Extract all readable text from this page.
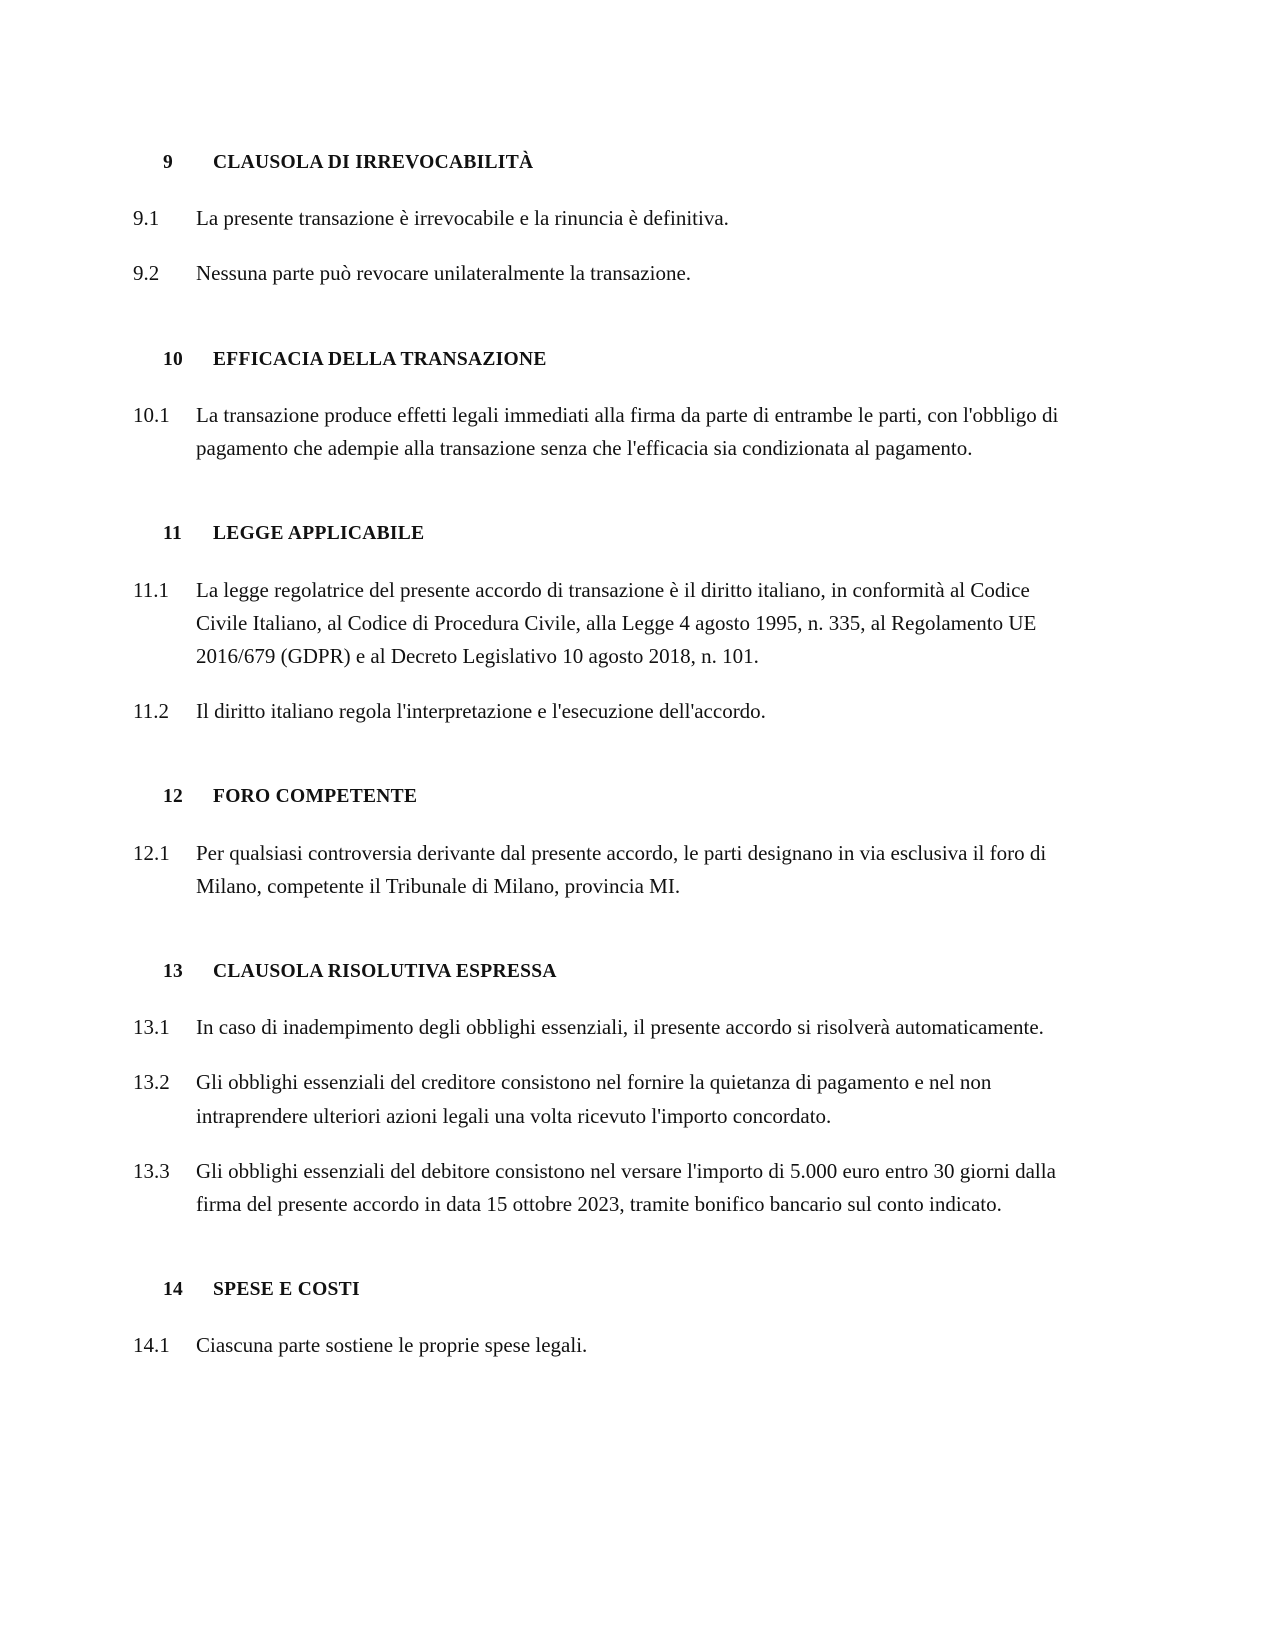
9	CLAUSOLA DI IRREVOCABILITÀ
9.1	La presente transazione è irrevocabile e la rinuncia è definitiva.
9.2	Nessuna parte può revocare unilateralmente la transazione.
10	EFFICACIA DELLA TRANSAZIONE
10.1	La transazione produce effetti legali immediati alla firma da parte di entrambe le parti, con l'obbligo di pagamento che adempie alla transazione senza che l'efficacia sia condizionata al pagamento.
11	LEGGE APPLICABILE
11.1	La legge regolatrice del presente accordo di transazione è il diritto italiano, in conformità al Codice Civile Italiano, al Codice di Procedura Civile, alla Legge 4 agosto 1995, n. 335, al Regolamento UE 2016/679 (GDPR) e al Decreto Legislativo 10 agosto 2018, n. 101.
11.2	Il diritto italiano regola l'interpretazione e l'esecuzione dell'accordo.
12	FORO COMPETENTE
12.1	Per qualsiasi controversia derivante dal presente accordo, le parti designano in via esclusiva il foro di Milano, competente il Tribunale di Milano, provincia MI.
13	CLAUSOLA RISOLUTIVA ESPRESSA
13.1	In caso di inadempimento degli obblighi essenziali, il presente accordo si risolverà automaticamente.
13.2	Gli obblighi essenziali del creditore consistono nel fornire la quietanza di pagamento e nel non intraprendere ulteriori azioni legali una volta ricevuto l'importo concordato.
13.3	Gli obblighi essenziali del debitore consistono nel versare l'importo di 5.000 euro entro 30 giorni dalla firma del presente accordo in data 15 ottobre 2023, tramite bonifico bancario sul conto indicato.
14	SPESE E COSTI
14.1	Ciascuna parte sostiene le proprie spese legali.
